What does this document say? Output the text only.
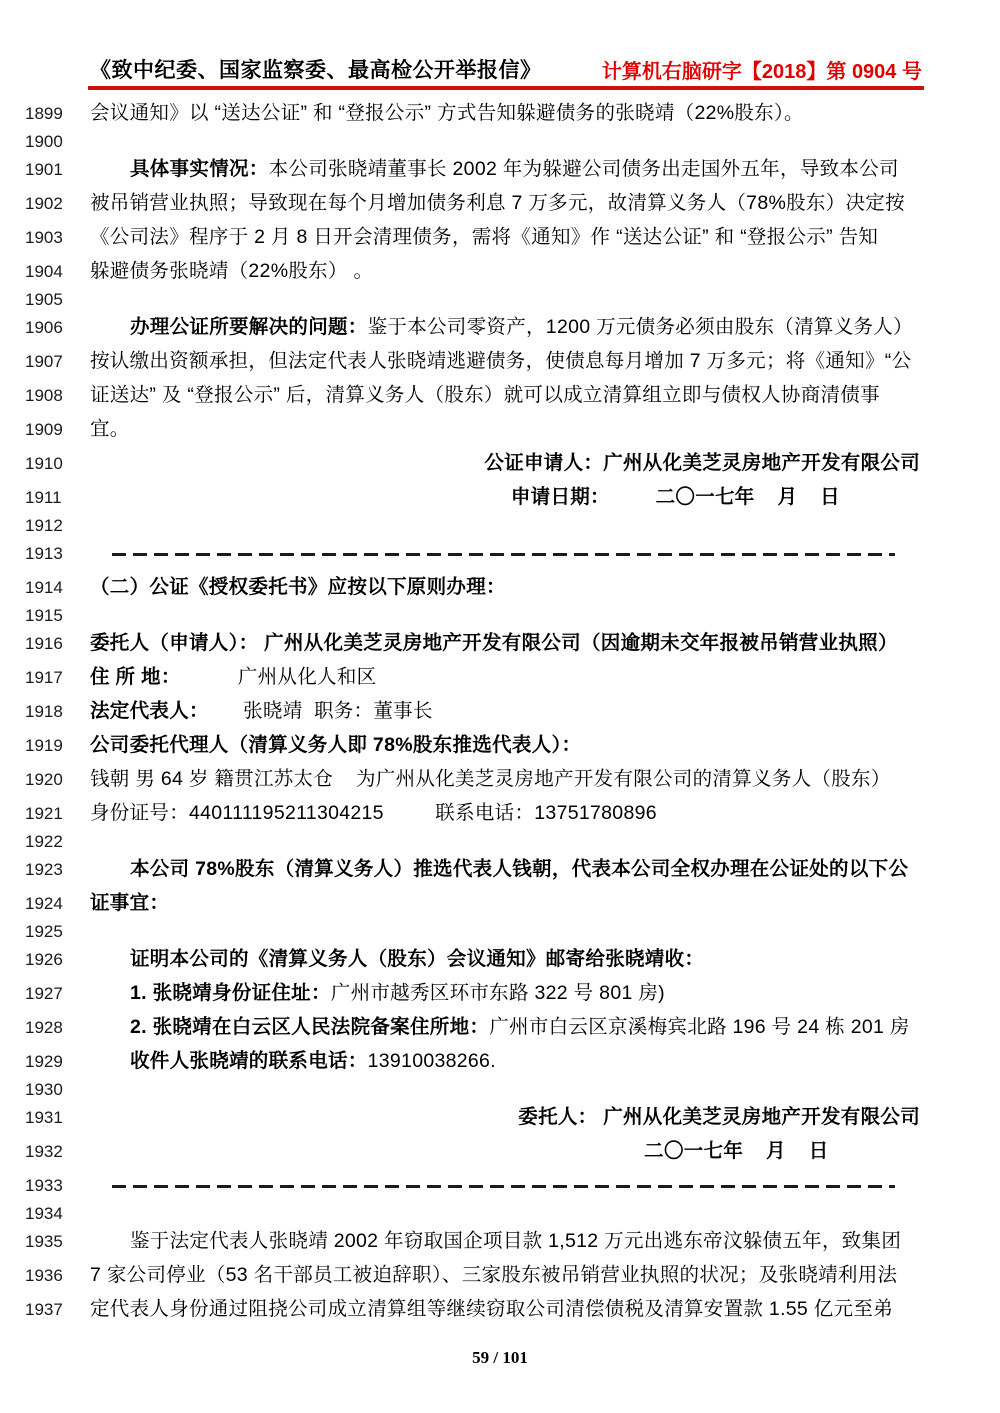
《致中纪委、国家监察委、最高检公开举报信》	计算机右脑研字【2018】第 0904 号
1899	会议通知》以 “送达公证” 和 “登报公示” 方式告知躲避债务的张晓靖（22%股东）。
1900
1901	具体事实情况：本公司张晓靖董事长 2002 年为躲避公司债务出走国外五年，导致本公司
1902	被吊销营业执照；导致现在每个月增加债务利息 7 万多元，故清算义务人（78%股东）决定按
1903	《公司法》程序于 2 月 8 日开会清理债务，需将《通知》作 “送达公证” 和 “登报公示” 告知
1904	躲避债务张晓靖（22%股东） 。
1905
1906	办理公证所要解决的问题：鉴于本公司零资产，1200 万元债务必须由股东（清算义务人）
1907	按认缴出资额承担，但法定代表人张晓靖逃避债务，使债息每月增加 7 万多元；将《通知》“公
1908	证送达” 及 “登报公示” 后，清算义务人（股东）就可以成立清算组立即与债权人协商清债事
1909	宜。
1910	公证申请人：广州从化美芝灵房地产开发有限公司
1911	申请日期：        二〇一七年    月    日
1912
1913
1914	（二）公证《授权委托书》应按以下原则办理：
1915
1916	委托人（申请人）： 广州从化美芝灵房地产开发有限公司（因逾期未交年报被吊销营业执照）
1917	住 所 地：          广州从化人和区
1918	法定代表人：      张晓靖  职务：董事长
1919	公司委托代理人（清算义务人即 78%股东推选代表人）：
1920	钱朝 男 64 岁 籍贯江苏太仓    为广州从化美芝灵房地产开发有限公司的清算义务人（股东）
1921	身份证号：440111195211304215         联系电话：13751780896
1922
1923	本公司 78%股东（清算义务人）推选代表人钱朝，代表本公司全权办理在公证处的以下公
1924	证事宜：
1925
1926	证明本公司的《清算义务人（股东）会议通知》邮寄给张晓靖收：
1927	1. 张晓靖身份证住址：广州市越秀区环市东路 322 号 801 房)
1928	2. 张晓靖在白云区人民法院备案住所地：广州市白云区京溪梅宾北路 196 号 24 栋 201 房
1929	收件人张晓靖的联系电话：13910038266.
1930
1931	委托人： 广州从化美芝灵房地产开发有限公司
1932	二〇一七年    月    日
1933
1934
1935	鉴于法定代表人张晓靖 2002 年窃取国企项目款 1,512 万元出逃东帝汶躲债五年，致集团
1936	7 家公司停业（53 名干部员工被迫辞职）、三家股东被吊销营业执照的状况；及张晓靖利用法
1937	定代表人身份通过阻挠公司成立清算组等继续窃取公司清偿债税及清算安置款 1.55 亿元至弟
59 / 101
